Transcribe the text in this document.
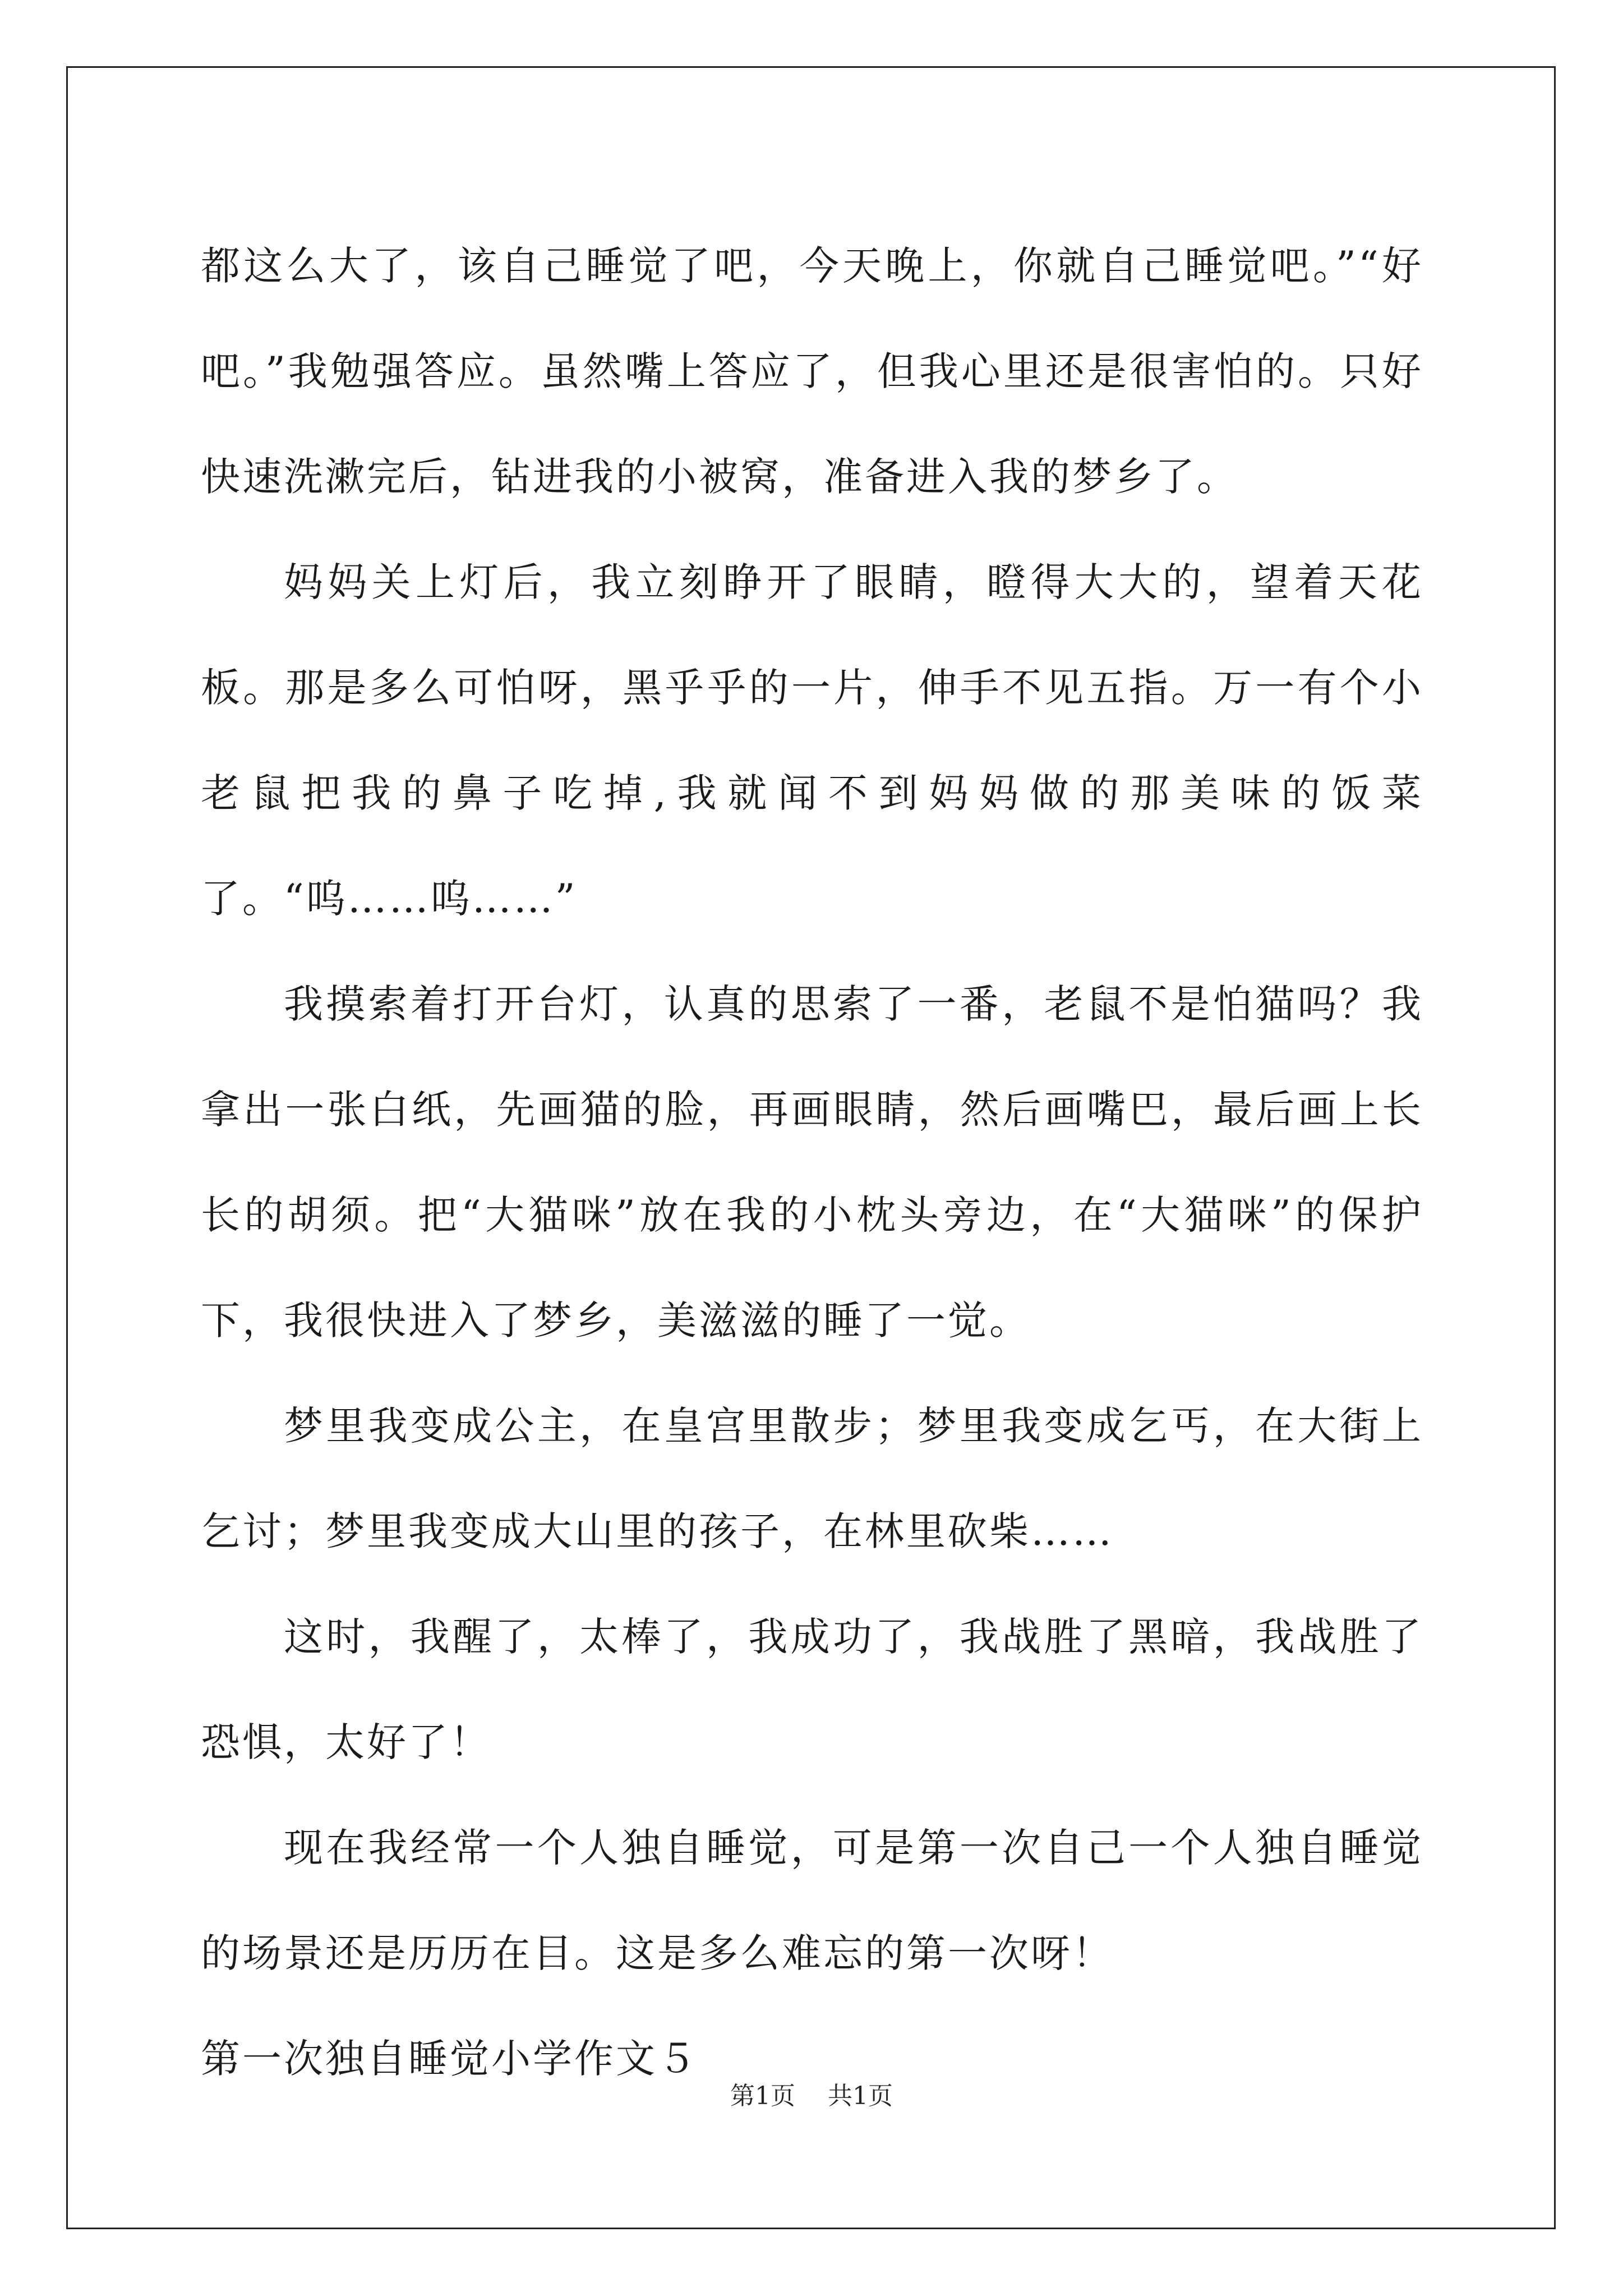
都这么大了，该自己睡觉了吧，今天晚上，你就自己睡觉吧。”“好吧。”我勉强答应。虽然嘴上答应了，但我心里还是很害怕的。只好快速洗漱完后，钻进我的小被窝，准备进入我的梦乡了。

妈妈关上灯后，我立刻睁开了眼睛，瞪得大大的，望着天花板。那是多么可怕呀，黑乎乎的一片，伸手不见五指。万一有个小老鼠把我的鼻子吃掉,我就闻不到妈妈做的那美味的饭菜了。“呜……呜……”

我摸索着打开台灯，认真的思索了一番，老鼠不是怕猫吗？我拿出一张白纸，先画猫的脸，再画眼睛，然后画嘴巴，最后画上长长的胡须。把“大猫咪”放在我的小枕头旁边，在“大猫咪”的保护下，我很快进入了梦乡，美滋滋的睡了一觉。

梦里我变成公主，在皇宫里散步；梦里我变成乞丐，在大街上乞讨；梦里我变成大山里的孩子，在林里砍柴……

这时，我醒了，太棒了，我成功了，我战胜了黑暗，我战胜了恐惧，太好了！

现在我经常一个人独自睡觉，可是第一次自己一个人独自睡觉的场景还是历历在目。这是多么难忘的第一次呀！

第一次独自睡觉小学作文５

第1页 共1页
